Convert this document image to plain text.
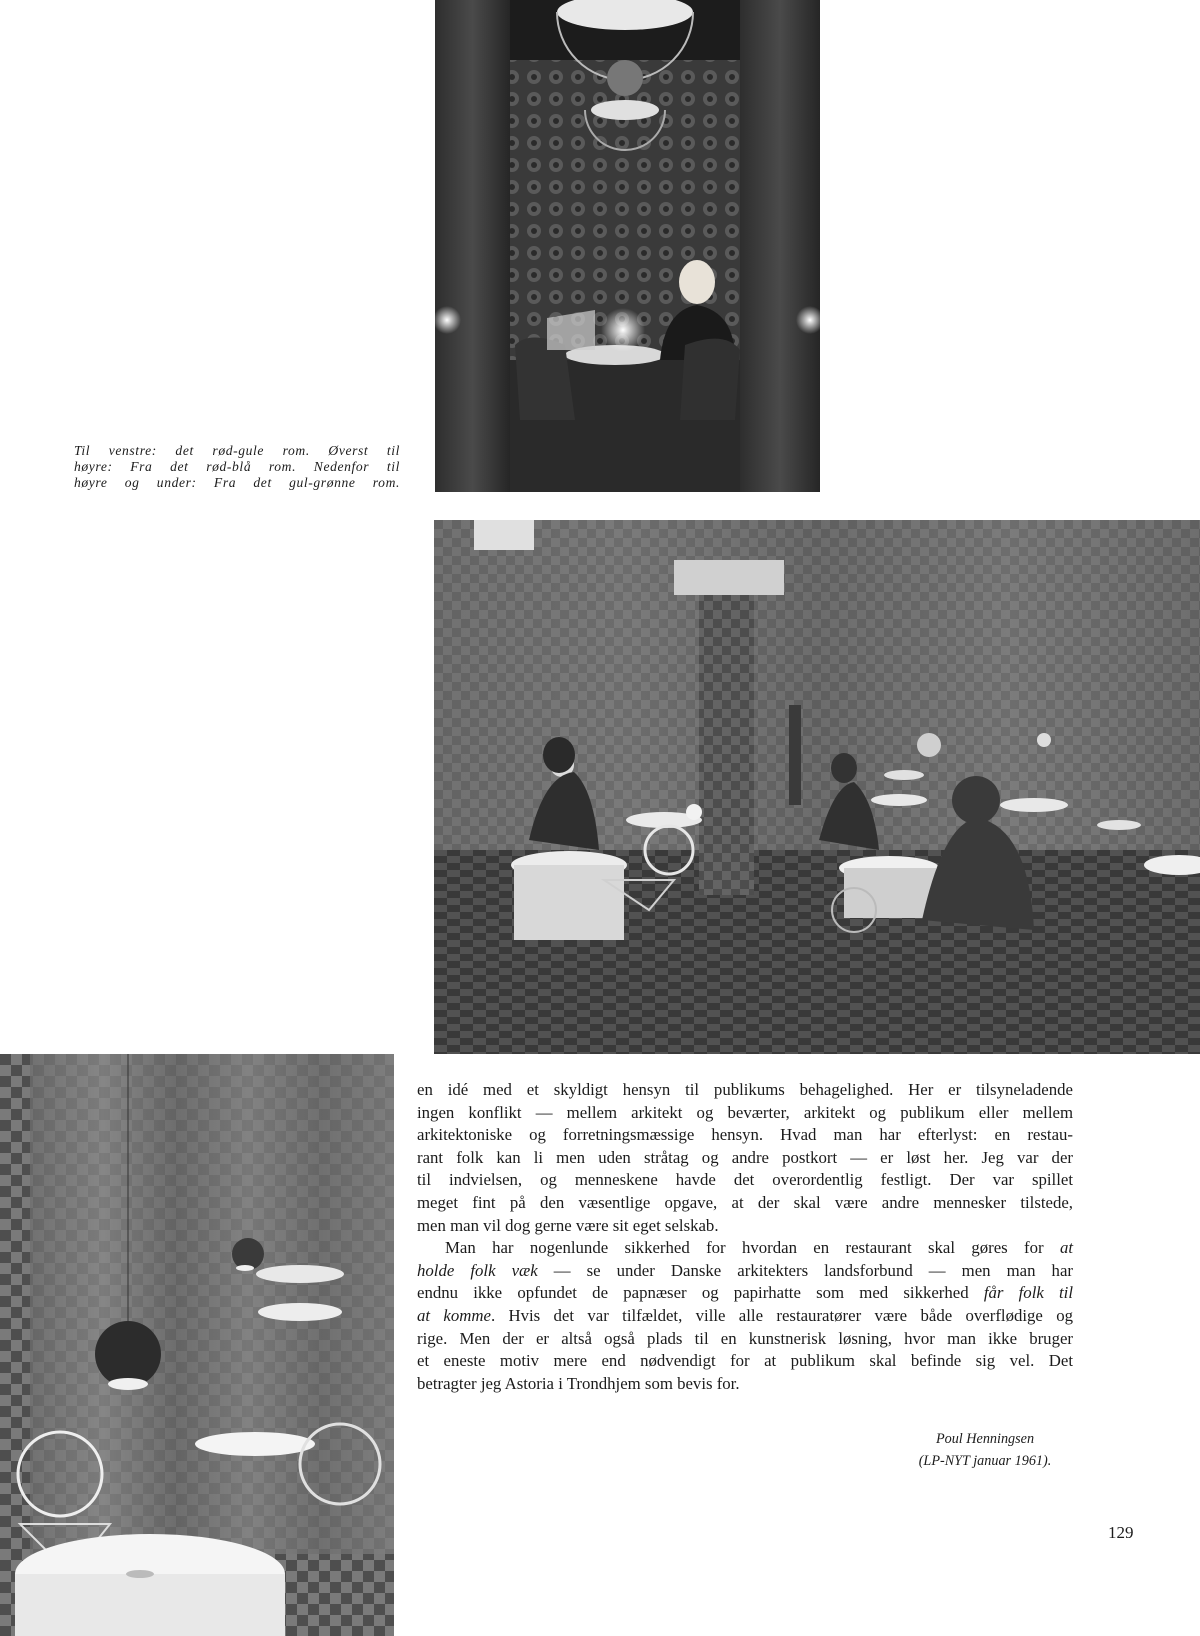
Til venstre: det rød-gule rom. Øverst til
høyre: Fra det rød-blå rom. Nedenfor til
høyre og under: Fra det gul-grønne rom.
en idé med et skyldigt hensyn til publikums behagelighed. Her er tilsyneladende
ingen konflikt — mellem arkitekt og beværter, arkitekt og publikum eller mellem
arkitektoniske og forretningsmæssige hensyn. Hvad man har efterlyst: en restau-
rant folk kan li men uden stråtag og andre postkort — er løst her. Jeg var der
til indvielsen, og menneskene havde det overordentlig festligt. Der var spillet
meget fint på den væsentlige opgave, at der skal være andre mennesker tilstede,
men man vil dog gerne være sit eget selskab.
Man har nogenlunde sikkerhed for hvordan en restaurant skal gøres for at
holde folk væk — se under Danske arkitekters landsforbund — men man har
endnu ikke opfundet de papnæser og papirhatte som med sikkerhed får folk til
at komme. Hvis det var tilfældet, ville alle restauratører være både overflødige og
rige. Men der er altså også plads til en kunstnerisk løsning, hvor man ikke bruger
et eneste motiv mere end nødvendigt for at publikum skal befinde sig vel. Det
betragter jeg Astoria i Trondhjem som bevis for.
Poul Henningsen
(LP-NYT januar 1961).
129
